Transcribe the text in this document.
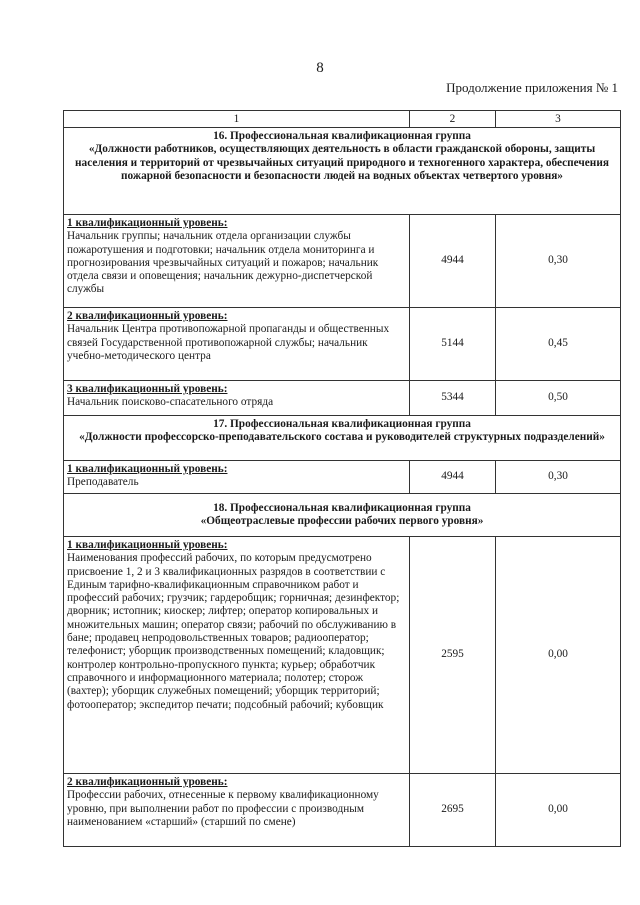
8
Продолжение приложения № 1
1	2	3

16. Профессиональная квалификационная группа
«Должности работников, осуществляющих деятельность в области гражданской обороны, защиты населения и территорий от чрезвычайных ситуаций природного и техногенного характера, обеспечения пожарной безопасности и безопасности людей на водных объектах четвертого уровня»		

1 квалификационный уровень:
Начальник группы; начальник отдела организации службы пожаротушения и подготовки; начальник отдела мониторинга и прогнозирования чрезвычайных ситуаций и пожаров; начальник отдела связи и оповещения; начальник дежурно-диспетчерской службы	4944	0,30

2 квалификационный уровень:
Начальник Центра противопожарной пропаганды и общественных связей Государственной противопожарной службы; начальник учебно-методического центра	5144	0,45

3 квалификационный уровень:
Начальник поисково-спасательного отряда	5344	0,50

17. Профессиональная квалификационная группа
«Должности профессорско-преподавательского состава и руководителей структурных подразделений»		

1 квалификационный уровень:
Преподаватель	4944	0,30

18. Профессиональная квалификационная группа
«Общеотраслевые профессии рабочих первого уровня»		

1 квалификационный уровень:
Наименования профессий рабочих, по которым предусмотрено присвоение 1, 2 и 3 квалификационных разрядов в соответствии с Единым тарифно-квалификационным справочником работ и профессий рабочих; грузчик; гардеробщик; горничная; дезинфектор; дворник; истопник; киоскер; лифтер; оператор копировальных и множительных машин; оператор связи; рабочий по обслуживанию в бане; продавец непродовольственных товаров; радиооператор; телефонист; уборщик производственных помещений; кладовщик; контролер контрольно-пропускного пункта; курьер; обработчик справочного и информационного материала; полотер; сторож (вахтер); уборщик служебных помещений; уборщик территорий; фотооператор; экспедитор печати; подсобный рабочий; кубовщик	2595	0,00

2 квалификационный уровень:
Профессии рабочих, отнесенные к первому квалификационному уровню, при выполнении работ по профессии с производным наименованием «старший» (старший по смене)	2695	0,00
